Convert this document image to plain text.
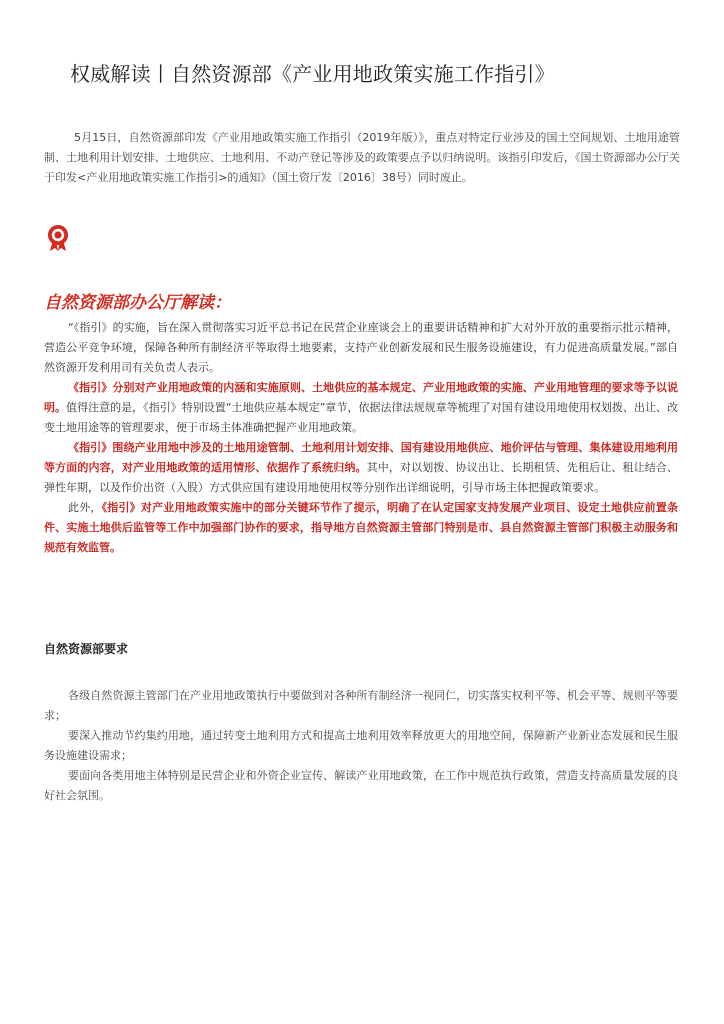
权威解读丨自然资源部《产业用地政策实施工作指引》

5月15日，自然资源部印发《产业用地政策实施工作指引（2019年版）》，重点对特定行业涉及的国土空间规划、土地用途管制、土地利用计划安排、土地供应、土地利用、不动产登记等涉及的政策要点予以归纳说明。该指引印发后，《国土资源部办公厅关于印发<产业用地政策实施工作指引>的通知》（国土资厅发〔2016〕38号）同时废止。

自然资源部办公厅解读：

“《指引》的实施，旨在深入贯彻落实习近平总书记在民营企业座谈会上的重要讲话精神和扩大对外开放的重要指示批示精神，营造公平竞争环境，保障各种所有制经济平等取得土地要素，支持产业创新发展和民生服务设施建设，有力促进高质量发展。”部自然资源开发利用司有关负责人表示。

《指引》分别对产业用地政策的内涵和实施原则、土地供应的基本规定、产业用地政策的实施、产业用地管理的要求等予以说明。值得注意的是，《指引》特别设置“土地供应基本规定”章节，依据法律法规规章等梳理了对国有建设用地使用权划拨、出让、改变土地用途等的管理要求，便于市场主体准确把握产业用地政策。

《指引》围绕产业用地中涉及的土地用途管制、土地利用计划安排、国有建设用地供应、地价评估与管理、集体建设用地利用等方面的内容，对产业用地政策的适用情形、依据作了系统归纳。其中，对以划拨、协议出让、长期租赁、先租后让、租让结合、弹性年期，以及作价出资（入股）方式供应国有建设用地使用权等分别作出详细说明，引导市场主体把握政策要求。

此外，《指引》对产业用地政策实施中的部分关键环节作了提示，明确了在认定国家支持发展产业项目、设定土地供应前置条件、实施土地供后监管等工作中加强部门协作的要求，指导地方自然资源主管部门特别是市、县自然资源主管部门积极主动服务和规范有效监管。

自然资源部要求

各级自然资源主管部门在产业用地政策执行中要做到对各种所有制经济一视同仁，切实落实权利平等、机会平等、规则平等要求；

要深入推动节约集约用地，通过转变土地利用方式和提高土地利用效率释放更大的用地空间，保障新产业新业态发展和民生服务设施建设需求；

要面向各类用地主体特别是民营企业和外资企业宣传、解读产业用地政策，在工作中规范执行政策，营造支持高质量发展的良好社会氛围。
